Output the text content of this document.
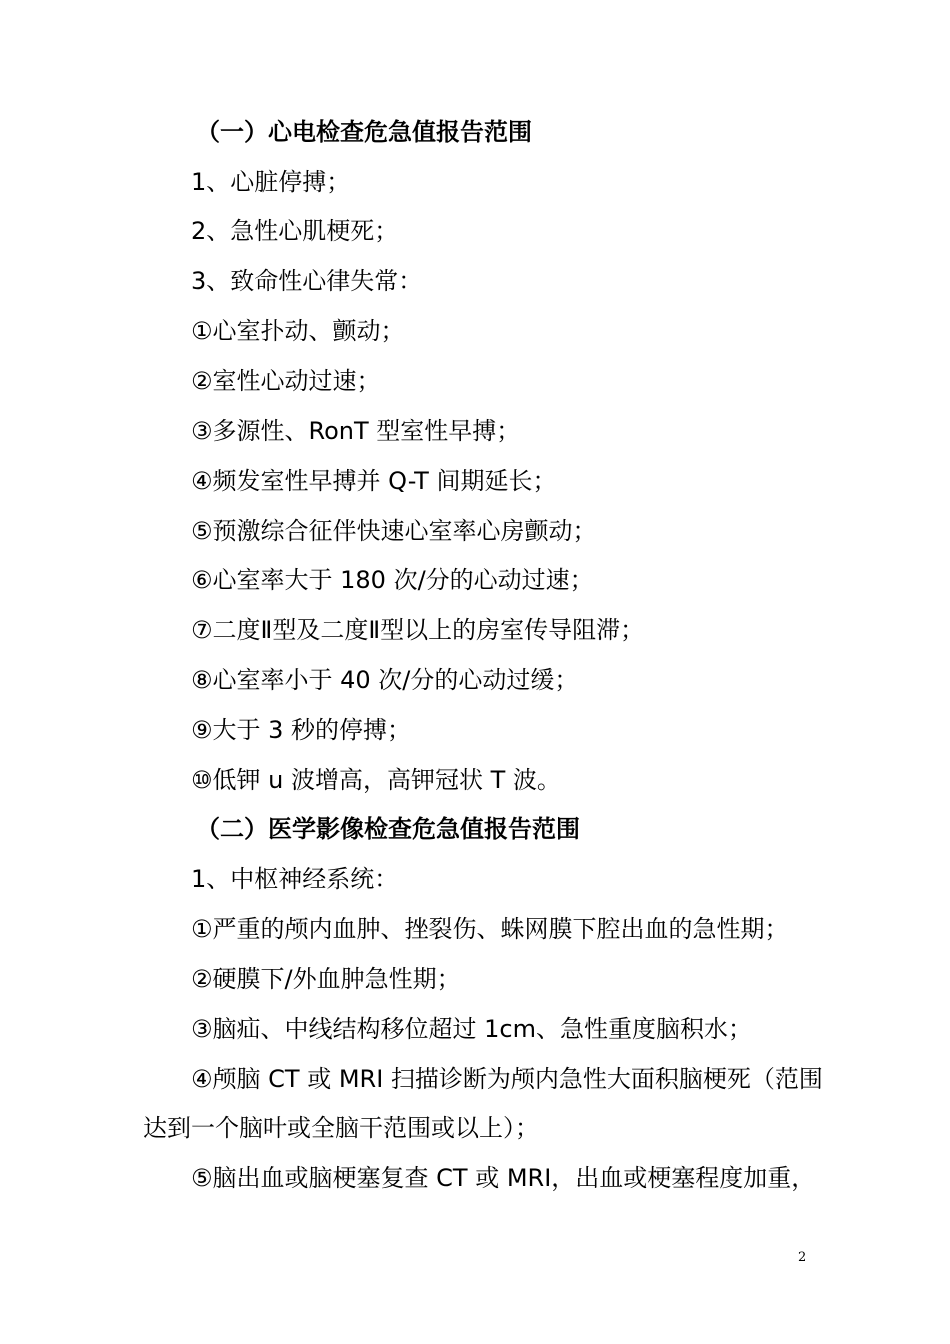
（一）心电检查危急值报告范围
1、心脏停搏；
2、急性心肌梗死；
3、致命性心律失常：
①心室扑动、颤动；
②室性心动过速；
③多源性、RonT 型室性早搏；
④频发室性早搏并 Q-T 间期延长；
⑤预激综合征伴快速心室率心房颤动；
⑥心室率大于 180 次/分的心动过速；
⑦二度Ⅱ型及二度Ⅱ型以上的房室传导阻滞；
⑧心室率小于 40 次/分的心动过缓；
⑨大于 3 秒的停搏；
⑩低钾 u 波增高，高钾冠状 T 波。
（二）医学影像检查危急值报告范围
1、中枢神经系统：
①严重的颅内血肿、挫裂伤、蛛网膜下腔出血的急性期；
②硬膜下/外血肿急性期；
③脑疝、中线结构移位超过 1cm、急性重度脑积水；
④颅脑 CT 或 MRI 扫描诊断为颅内急性大面积脑梗死（范围
达到一个脑叶或全脑干范围或以上）；
⑤脑出血或脑梗塞复查 CT 或 MRI，出血或梗塞程度加重，
2
